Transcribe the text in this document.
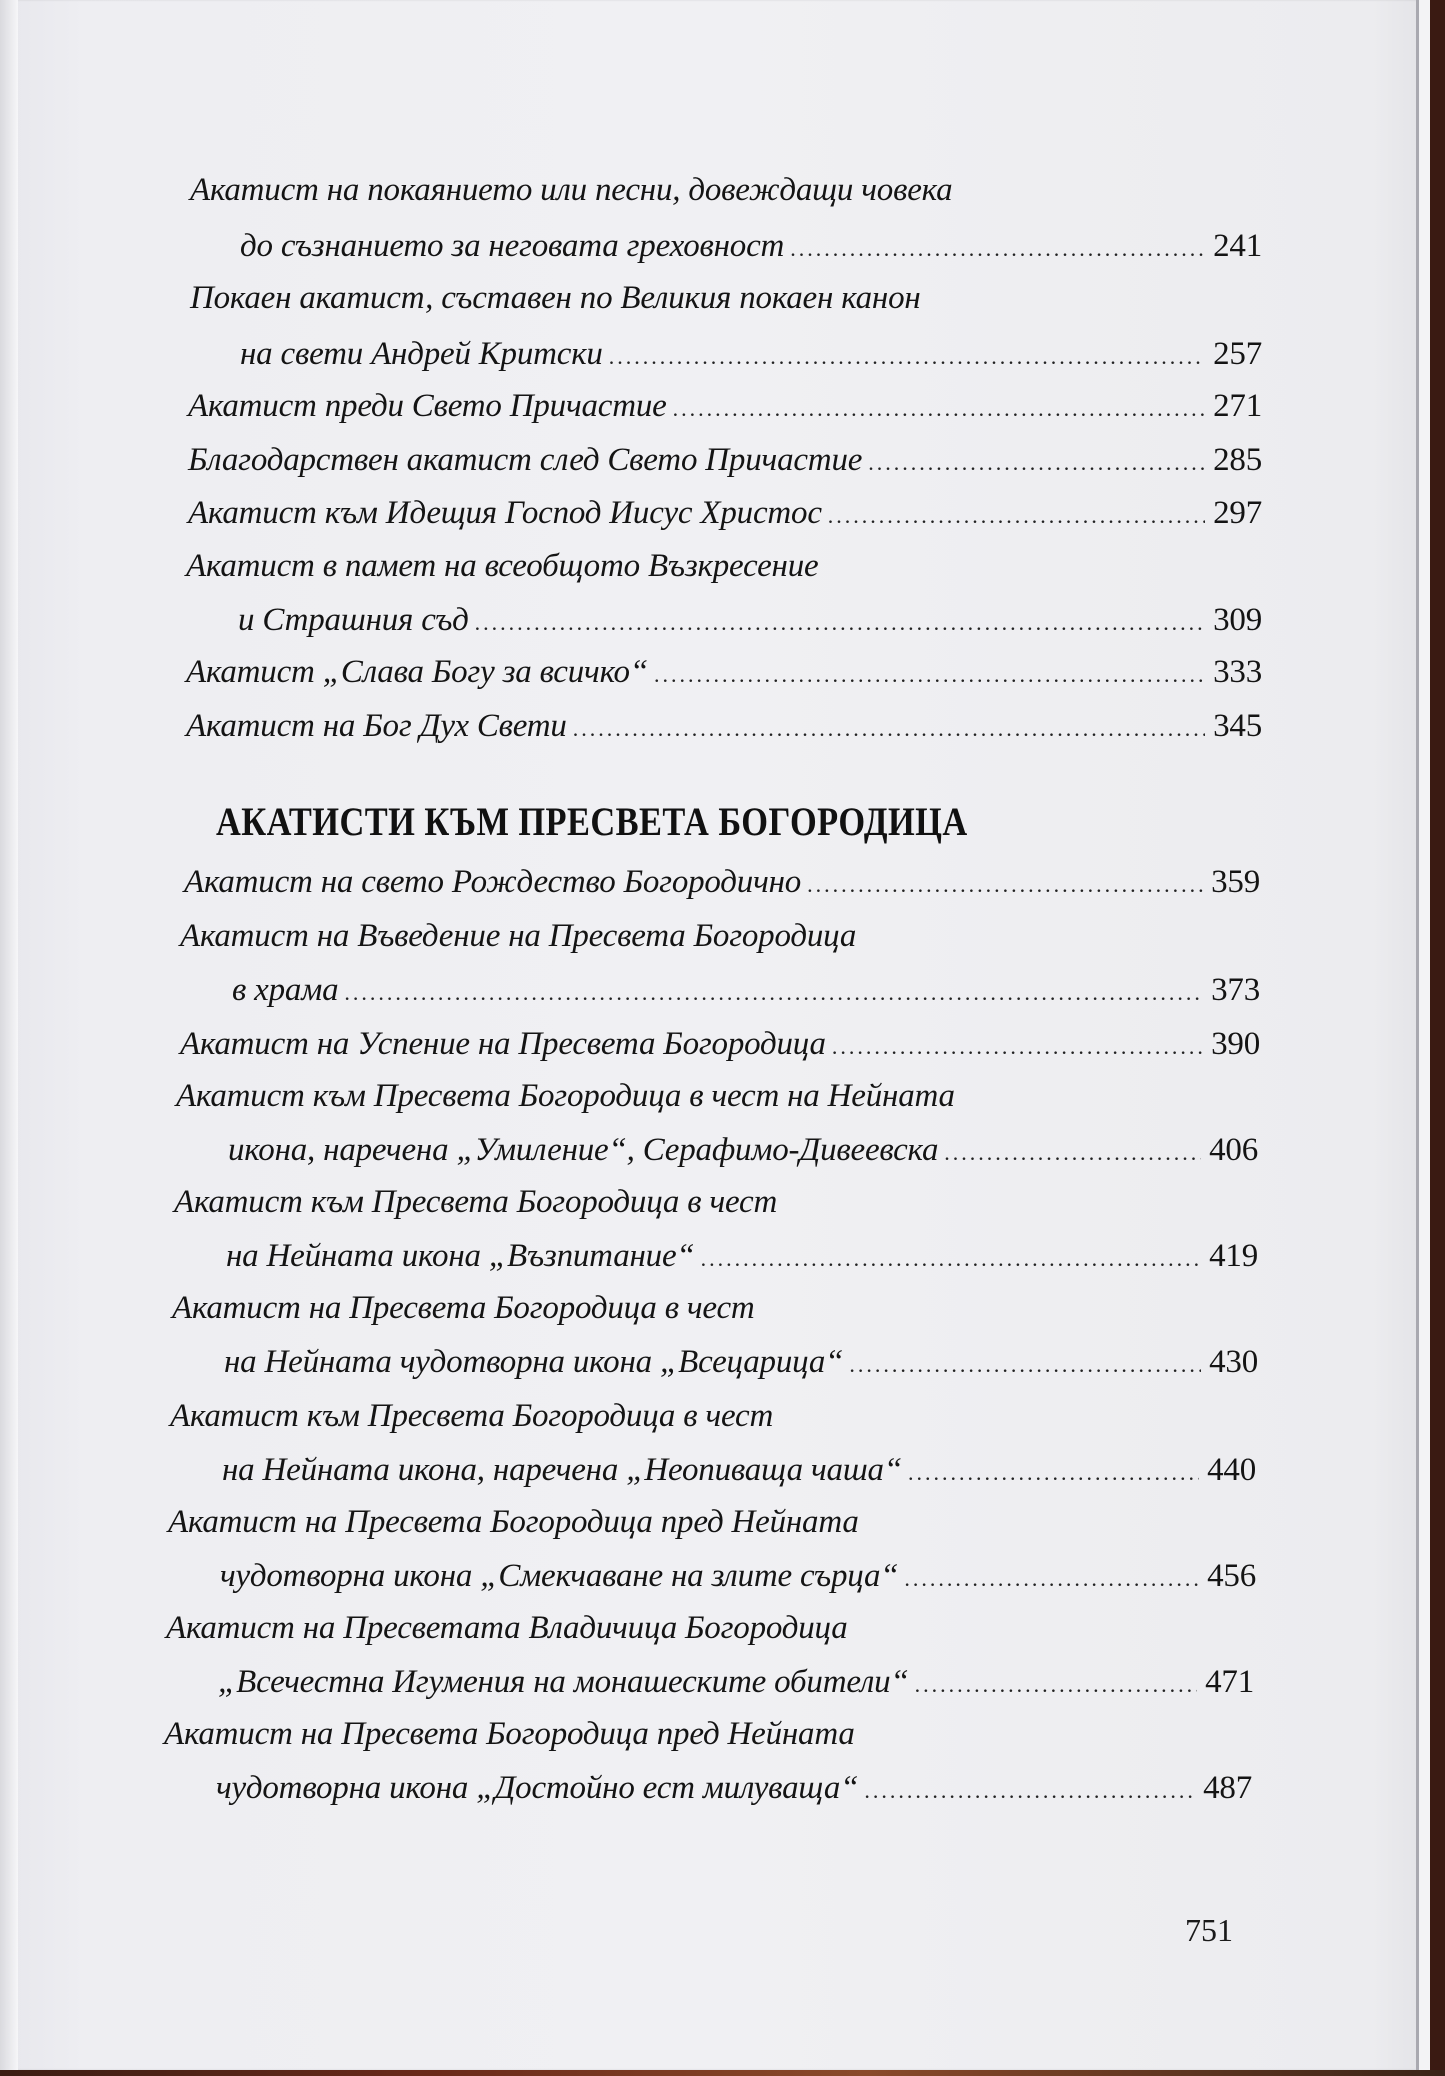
Акатист на покаянието или песни, довеждащи човека
до съзнанието за неговата греховност .....	241
Покаен акатист, съставен по Великия покаен канон
на свети Андрей Критски .....	257
Акатист преди Свето Причастие .....	271
Благодарствен акатист след Свето Причастие .....	285
Акатист към Идещия Господ Иисус Христос .....	297
Акатист в памет на всеобщото Възкресение
и Страшния съд .....	309
Акатист „Слава Богу за всичко“ .....	333
Акатист на Бог Дух Свети .....	345
АКАТИСТИ КЪМ ПРЕСВЕТА БОГОРОДИЦА
Акатист на свето Рождество Богородично .....	359
Акатист на Въведение на Пресвета Богородица
в храма .....	373
Акатист на Успение на Пресвета Богородица .....	390
Акатист към Пресвета Богородица в чест на Нейната
икона, наречена „Умиление“, Серафимо-Дивеевска .....	406
Акатист към Пресвета Богородица в чест
на Нейната икона „Възпитание“ .....	419
Акатист на Пресвета Богородица в чест
на Нейната чудотворна икона „Всецарица“ .....	430
Акатист към Пресвета Богородица в чест
на Нейната икона, наречена „Неопиваща чаша“ .....	440
Акатист на Пресвета Богородица пред Нейната
чудотворна икона „Смекчаване на злите сърца“ .....	456
Акатист на Пресветата Владичица Богородица
„Всечестна Игумения на монашеските обители“ .....	471
Акатист на Пресвета Богородица пред Нейната
чудотворна икона „Достойно ест милуваща“ .....	487
751
